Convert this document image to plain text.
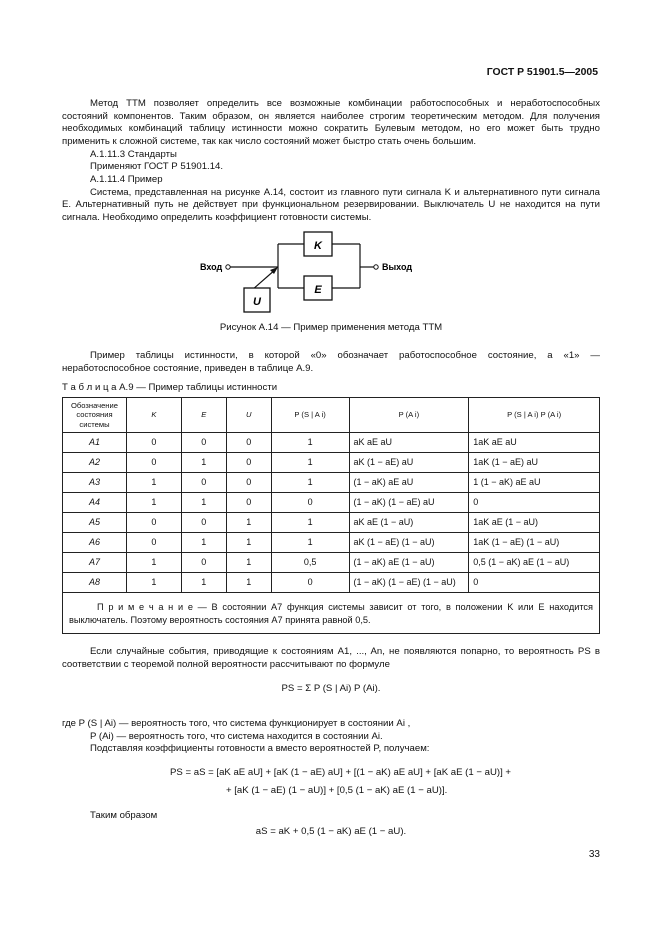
ГОСТ Р 51901.5—2005

Метод ТТМ позволяет определить все возможные комбинации работоспособных и неработоспособных состояний компонентов. Таким образом, он является наиболее строгим теоретическим методом. Для получения необходимых комбинаций таблицу истинности можно сократить Булевым методом, но его может быть трудно применить к сложной системе, так как число состояний может быстро стать очень большим.

А.1.11.3 Стандарты

Применяют ГОСТ Р 51901.14.

А.1.11.4 Пример

Система, представленная на рисунке А.14, состоит из главного пути сигнала K и альтернативного пути сигнала E. Альтернативный путь не действует при функциональном резервировании. Выключатель U не находится на пути сигнала. Необходимо определить коэффициент готовности системы.

Вход
K
E
Выход
U
Рисунок А.14 — Пример применения метода ТТМ

Пример таблицы истинности, в которой «0» обозначает работоспособное состояние, а «1» — неработоспособное состояние, приведен в таблице А.9.

Т а б л и ц а А.9 — Пример таблицы истинности
Обозначение состояния системы	K	E	U	P (S | A i)	P (A i)	P (S | A i) P (A i)
A1	0	0	0	1	aK aE aU	1aK aE aU
A2	0	1	0	1	aK (1 − aE) aU	1aK (1 − aE) aU
A3	1	0	0	1	(1 − aK) aE aU	1 (1 − aK) aE aU
A4	1	1	0	0	(1 − aK) (1 − aE) aU	0
A5	0	0	1	1	aK aE (1 − aU)	1aK aE (1 − aU)
A6	0	1	1	1	aK (1 − aE) (1 − aU)	1aK (1 − aE) (1 − aU)
A7	1	0	1	0,5	(1 − aK) aE (1 − aU)	0,5 (1 − aK) aE (1 − aU)
A8	1	1	1	0	(1 − aK) (1 − aE) (1 − aU)	0
П р и м е ч а н и е — В состоянии A7 функция системы зависит от того, в положении K или E находится выключатель. Поэтому вероятность состояния A7 принята равной 0,5.						

Если случайные события, приводящие к состояниям A1, ..., An, не появляются попарно, то вероятность PS в соответствии с теоремой полной вероятности рассчитывают по формуле

PS = Σ P (S | Ai) P (Ai).

где P (S | Ai) — вероятность того, что система функционирует в состоянии Ai ,

P (Ai) — вероятность того, что система находится в состоянии Ai.

Подставляя коэффициенты готовности a вместо вероятностей P, получаем:

PS = aS = [aK aE aU] + [aK (1 − aE) aU] + [(1 − aK) aE aU] + [aK aE (1 − aU)] +
+ [aK (1 − aE) (1 − aU)] + [0,5 (1 − aK) aE (1 − aU)].
Таким образом
aS = aK + 0,5 (1 − aK) aE (1 − aU).
33
